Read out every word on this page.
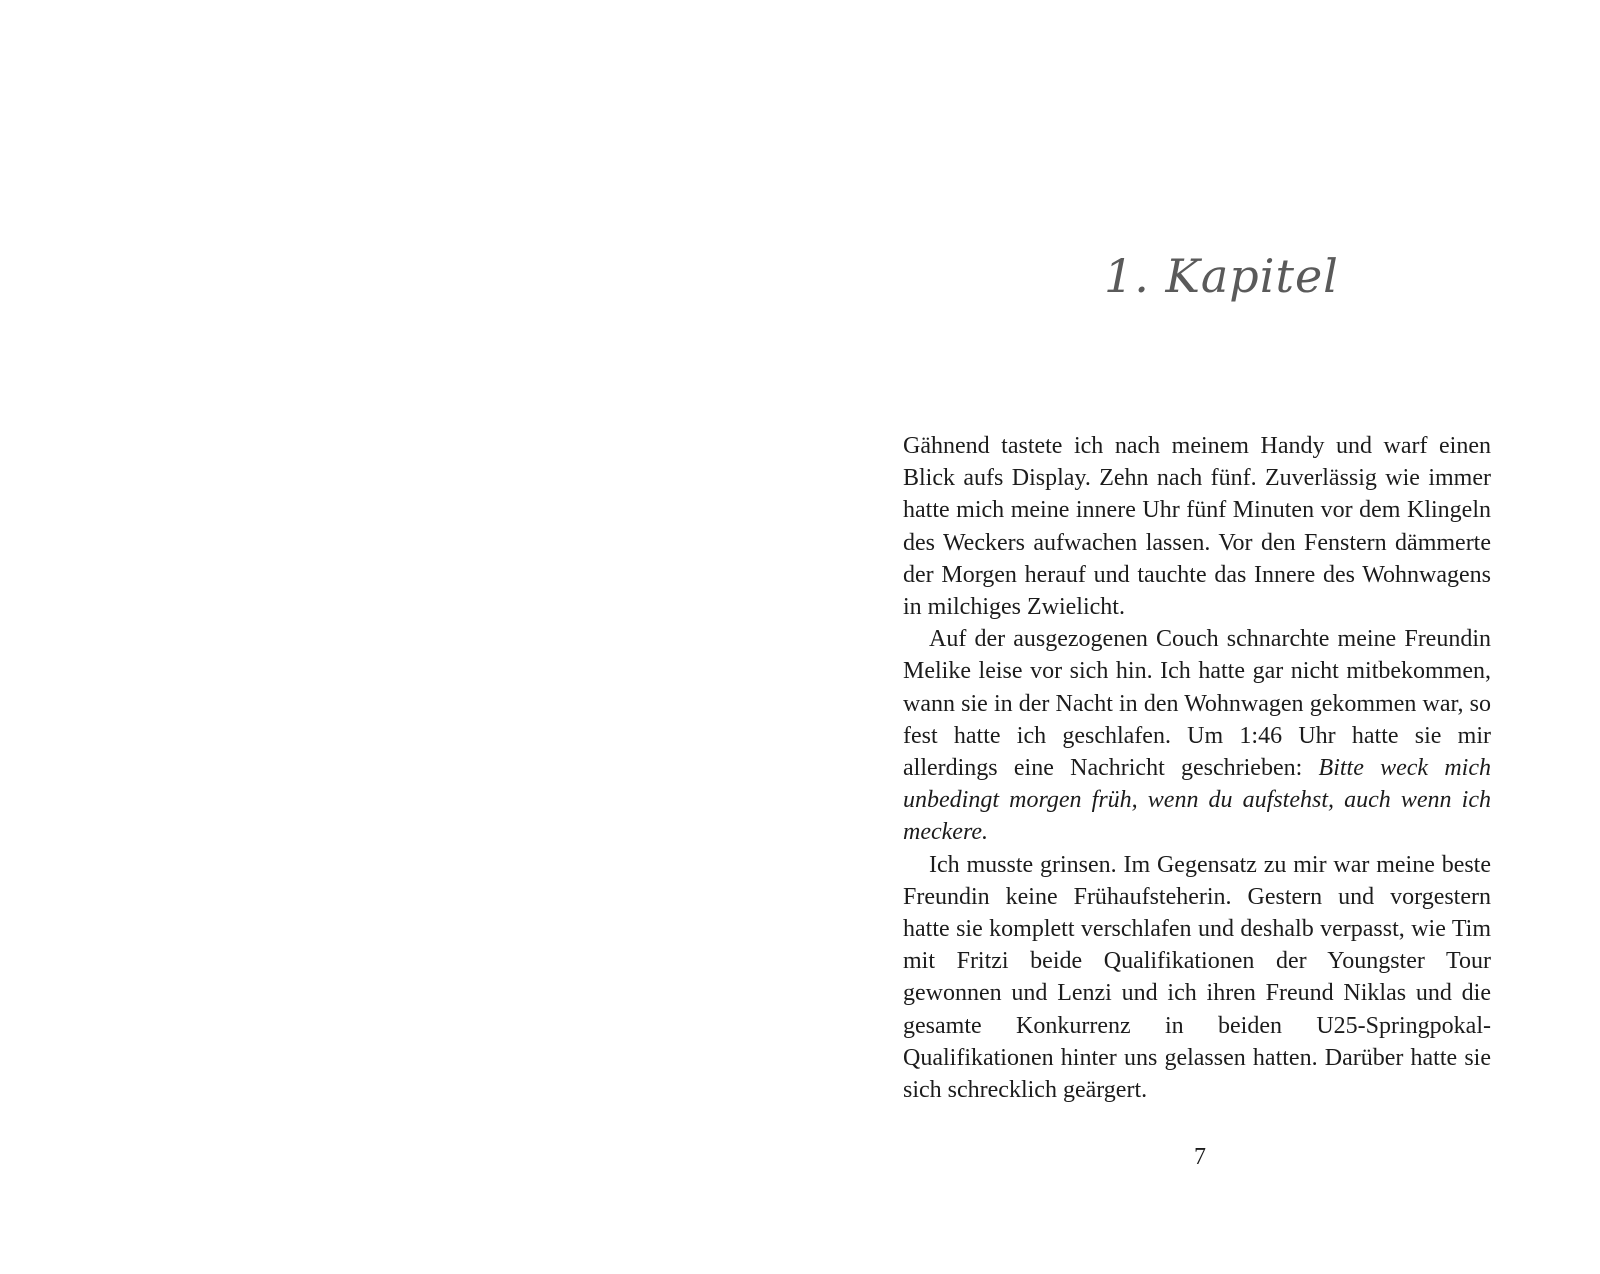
1. Kapitel

Gähnend tastete ich nach meinem Handy und warf einen Blick aufs Display. Zehn nach fünf. Zuverlässig wie immer hatte mich meine innere Uhr fünf Minuten vor dem Klingeln des Weckers aufwachen lassen. Vor den Fenstern dämmerte der Morgen herauf und tauchte das Innere des Wohnwagens in milchiges Zwielicht.

Auf der ausgezogenen Couch schnarchte meine Freundin Melike leise vor sich hin. Ich hatte gar nicht mitbekommen, wann sie in der Nacht in den Wohnwagen gekommen war, so fest hatte ich geschlafen. Um 1:46 Uhr hatte sie mir allerdings eine Nachricht geschrieben: Bitte weck mich unbedingt morgen früh, wenn du aufstehst, auch wenn ich meckere.

Ich musste grinsen. Im Gegensatz zu mir war meine beste Freundin keine Frühaufsteherin. Gestern und vorgestern hatte sie komplett verschlafen und deshalb verpasst, wie Tim mit Fritzi beide Qualifikationen der Youngster Tour gewonnen und Lenzi und ich ihren Freund Niklas und die gesamte Konkurrenz in beiden U25-Springpokal-Qualifikationen hinter uns gelassen hatten. Darüber hatte sie sich schrecklich geärgert.

7
